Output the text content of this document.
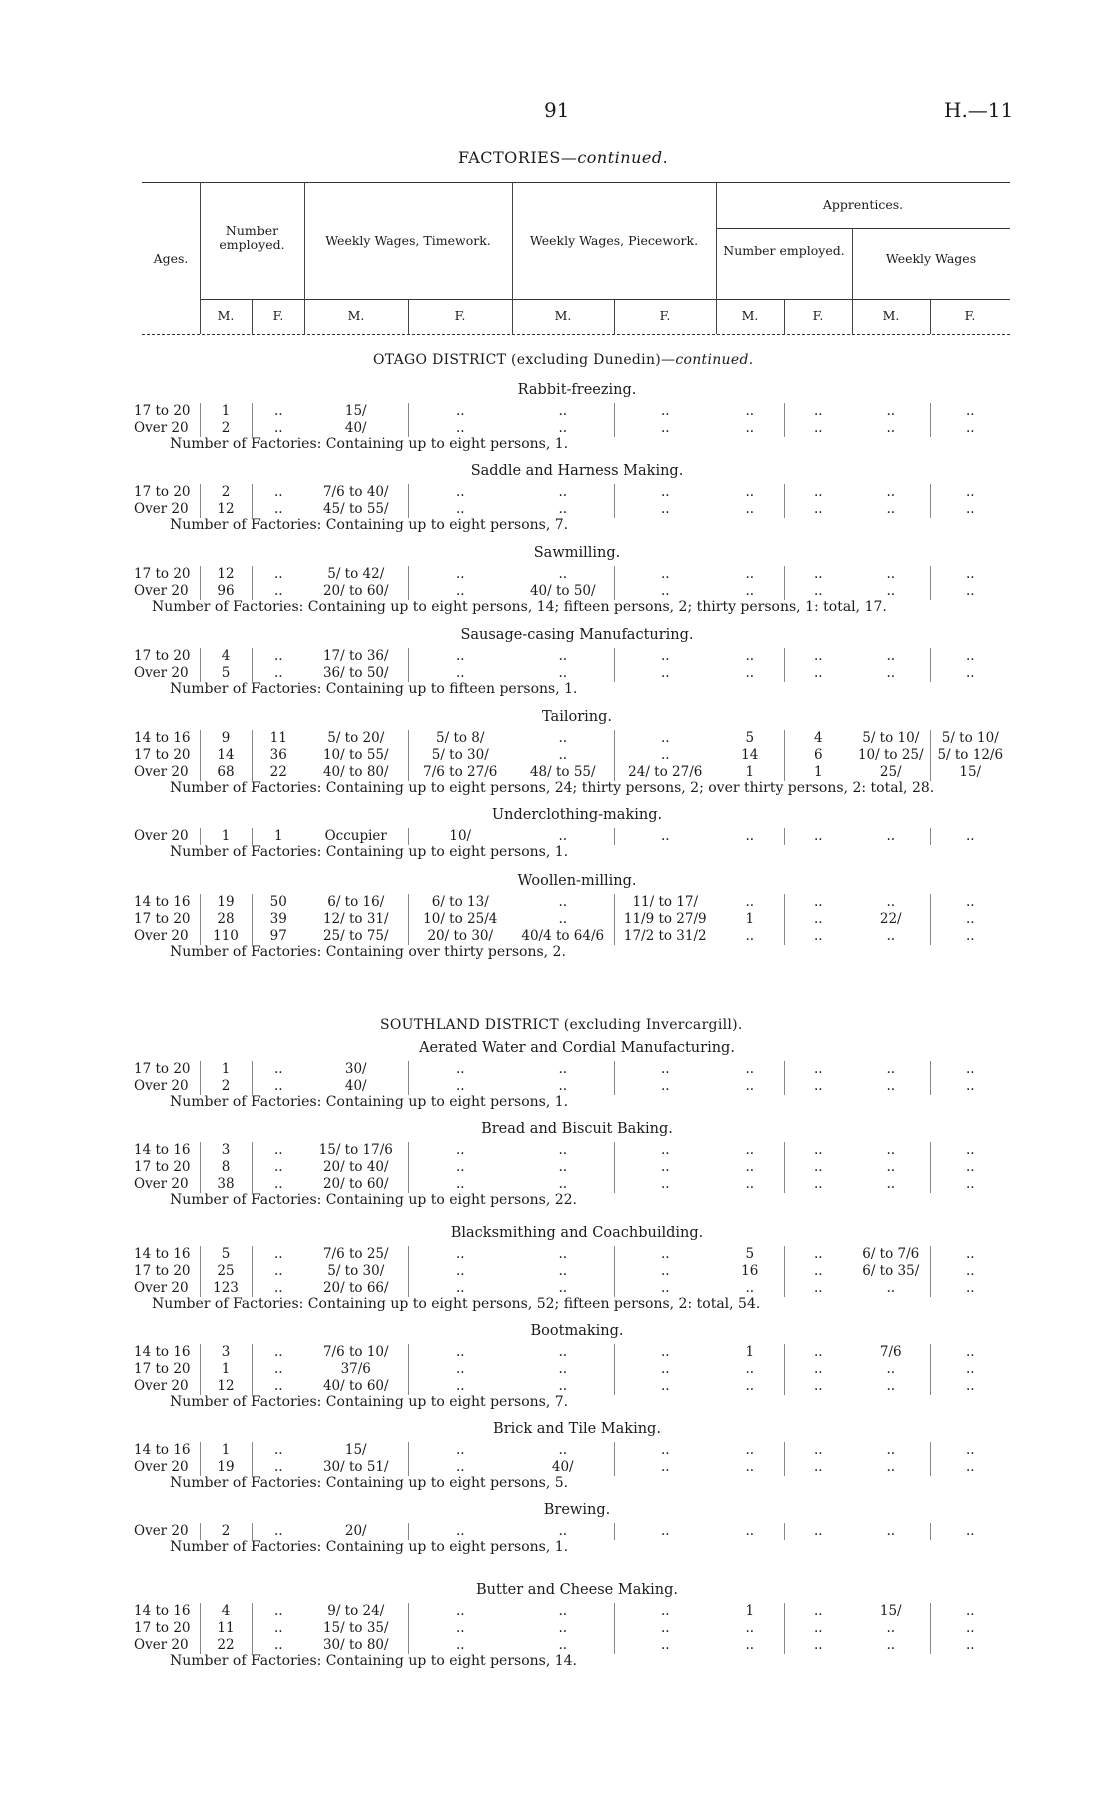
91	H.—11
FACTORIES—continued.
Ages.
Number employed.	Weekly Wages, Timework.	Weekly Wages, Piecework.
Apprentices.
Number employed.
Weekly Wages
M.	F.	M.	F.	M.	F.	M.	F.	M.	F.
OTAGO DISTRICT (excluding Dunedin)—continued.
SOUTHLAND DISTRICT (excluding Invercargill).
Rabbit-freezing.
17 to 20	1	..	15/	..	..	..	..	..	..	..
Over 20	2	..	40/	..	..	..	..	..	..	..
Number of Factories: Containing up to eight persons, 1.
Saddle and Harness Making.
17 to 20	2	..	7/6 to 40/	..	..	..	..	..	..	..
Over 20	12	..	45/ to 55/	..	..	..	..	..	..	..
Number of Factories: Containing up to eight persons, 7.
Sawmilling.
17 to 20	12	..	5/ to 42/	..	..	..	..	..	..	..
Over 20	96	..	20/ to 60/	..	40/ to 50/	..	..	..	..	..
Number of Factories: Containing up to eight persons, 14; fifteen persons, 2; thirty persons, 1: total, 17.
Sausage-casing Manufacturing.
17 to 20	4	..	17/ to 36/	..	..	..	..	..	..	..
Over 20	5	..	36/ to 50/	..	..	..	..	..	..	..
Number of Factories: Containing up to fifteen persons, 1.
Tailoring.
14 to 16	9	11	5/ to 20/	5/ to 8/	..	..	5	4	5/ to 10/	5/ to 10/
17 to 20	14	36	10/ to 55/	5/ to 30/	..	..	14	6	10/ to 25/	5/ to 12/6
Over 20	68	22	40/ to 80/	7/6 to 27/6	48/ to 55/	24/ to 27/6	1	1	25/	15/
Number of Factories: Containing up to eight persons, 24; thirty persons, 2; over thirty persons, 2: total, 28.
Underclothing-making.
Over 20	1	1	Occupier	10/	..	..	..	..	..	..
Number of Factories: Containing up to eight persons, 1.
Woollen-milling.
14 to 16	19	50	6/ to 16/	6/ to 13/	..	11/ to 17/	..	..	..	..
17 to 20	28	39	12/ to 31/	10/ to 25/4	..	11/9 to 27/9	1	..	22/	..
Over 20	110	97	25/ to 75/	20/ to 30/	40/4 to 64/6	17/2 to 31/2	..	..	..	..
Number of Factories: Containing over thirty persons, 2.
Aerated Water and Cordial Manufacturing.
17 to 20	1	..	30/	..	..	..	..	..	..	..
Over 20	2	..	40/	..	..	..	..	..	..	..
Number of Factories: Containing up to eight persons, 1.
Bread and Biscuit Baking.
14 to 16	3	..	15/ to 17/6	..	..	..	..	..	..	..
17 to 20	8	..	20/ to 40/	..	..	..	..	..	..	..
Over 20	38	..	20/ to 60/	..	..	..	..	..	..	..
Number of Factories: Containing up to eight persons, 22.
Blacksmithing and Coachbuilding.
14 to 16	5	..	7/6 to 25/	..	..	..	5	..	6/ to 7/6	..
17 to 20	25	..	5/ to 30/	..	..	..	16	..	6/ to 35/	..
Over 20	123	..	20/ to 66/	..	..	..	..	..	..	..
Number of Factories: Containing up to eight persons, 52; fifteen persons, 2: total, 54.
Bootmaking.
14 to 16	3	..	7/6 to 10/	..	..	..	1	..	7/6	..
17 to 20	1	..	37/6	..	..	..	..	..	..	..
Over 20	12	..	40/ to 60/	..	..	..	..	..	..	..
Number of Factories: Containing up to eight persons, 7.
Brick and Tile Making.
14 to 16	1	..	15/	..	..	..	..	..	..	..
Over 20	19	..	30/ to 51/	..	40/	..	..	..	..	..
Number of Factories: Containing up to eight persons, 5.
Brewing.
Over 20	2	..	20/	..	..	..	..	..	..	..
Number of Factories: Containing up to eight persons, 1.
Butter and Cheese Making.
14 to 16	4	..	9/ to 24/	..	..	..	1	..	15/	..
17 to 20	11	..	15/ to 35/	..	..	..	..	..	..	..
Over 20	22	..	30/ to 80/	..	..	..	..	..	..	..
Number of Factories: Containing up to eight persons, 14.
